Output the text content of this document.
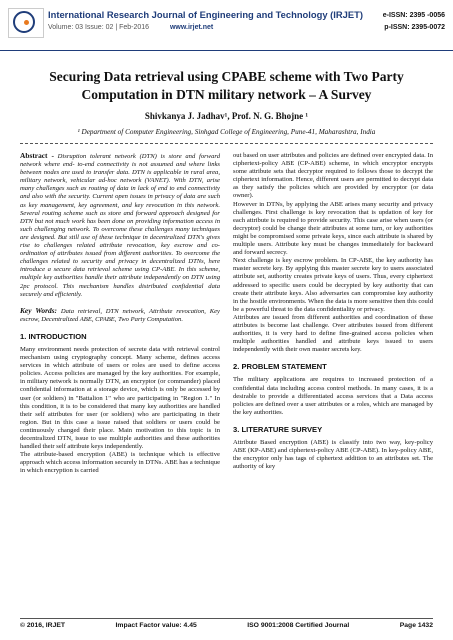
International Research Journal of Engineering and Technology (IRJET)
Volume: 03 Issue: 02 | Feb-2016	www.irjet.net
e-ISSN: 2395 -0056
p-ISSN: 2395-0072
Securing Data retrieval using CPABE scheme with Two Party Computation in DTN military network – A Survey
Shivkanya J. Jadhav¹, Prof. N. G. Bhojne ¹
¹ Department of Computer Engineering, Sinhgad College of Engineering, Pune-41, Maharashtra, India

Abstract - Disruption tolerant network (DTN) is store and forward network where end- to-end connectivity is not assumed and where links between nodes are used to transfer data. DTN is applicable in rural area, military network, vehicular ad-hoc network (VANET). With DTN, arise many challenges such as routing of data in lack of end to end connectivity and also with the security. Current open issues in privacy of data are such as key management, key agreement, and key revocation in this network. Several routing scheme such as store and forward approach designed for DTN but not much work has been done on providing information access in such challenging network. To overcome these challenges many techniques are designed. But still use of these technique in decentralized DTN's gives rise to challenges related attribute revocation, key escrow and co-ordination of attributes issued from different authorities. To overcome the challenges related to security and privacy in decentralized DTNs, here introduce a secure data retrieval scheme using CP-ABE. In this scheme, multiple key authorities handle their attribute independently on DTN using 2pc protocol. This mechanism handles distributed confidential data securely and efficiently.

Key Words: Data retrieval, DTN network, Attribute revocation, Key escrow, Decentralized ABE, CPABE, Two Party Computation.

1. INTRODUCTION

Many environment needs protection of secrete data with retrieval control mechanism using cryptography concept. Many scheme, defines access services in which attribute of users or roles are used to define access policies. Access policies are managed by the key authorities. For example, in military network is normally DTN, an encryptor (or commander) placed confidential information at a storage device, which is only be accessed by user (or soldiers) in "Battalion 1" who are participating in "Region 1." In this condition, it is to be considered that many key authorities are handled their self attributes for user (or soldiers) who are participating in their region. But in this case a issue raised that soldiers or users could be continuously changed their place. Main motivation to this topic is in decentralized DTN, issue to use multiple authorities and these authorities handled their self attribute keys independently.

The attribute-based encryption (ABE) is technique which is effective approach which access information securely in DTNs. ABE has a technique in which encryption is carried

out based on user attributes and policies are defined over encrypted data. In ciphertext-policy ABE (CP-ABE) scheme, in which encryptor encrypts some attribute sets that decryptor required to follows those to decrypt the ciphertext information. Hence, different users are permitted to decrypt data as they satisfy the policies which are provided by encryptor (or data owner).

However in DTNs, by applying the ABE arises many security and privacy challenges. First challenge is key revocation that is updation of key for each attribute is required to provide security. This case arise when users (or decryptor) could be change their attributes at some turn, or key authorities might be compromised some private keys, since each attribute is shared by multiple users. Attribute key must be changes immediately for backward and forward secrecy.

Next challenge is key escrow problem. In CP-ABE, the key authority has master secrete key. By applying this master secrete key to users associated attribute set, authority creates private keys of users. Thus, every ciphertext addressed to specific users could be decrypted by key authority that can create their attribute keys. Also adversaries can compromise key authority in the hostile environments. When the data is more sensitive then this could be a powerful threat to the data confidentiality or privacy.

Attributes are issued from different authorities and coordination of these attributes is become last challenge. Over attributes issued from different authorities, it is very hard to define fine-grained access policies when multiple authorities handled and attribute keys issued to users independently with their own master secrets key.

2. PROBLEM STATEMENT

The military applications are requires to increased protection of a confidential data including access control methods. In many cases, it is a desirable to provide a differentiated access services that a Data access policies are defined over a user attributes or a roles, which are managed by the key authorities.

3. LITERATURE SURVEY

Attribute Based encryption (ABE) is classify into two way, key-policy ABE (KP-ABE) and ciphertext-policy ABE (CP-ABE). In key-policy ABE, the encryptor only has tags of ciphertext addition to an attributes set. The authority of key

© 2016, IRJET	Impact Factor value: 4.45	ISO 9001:2008 Certified Journal	Page 1432
